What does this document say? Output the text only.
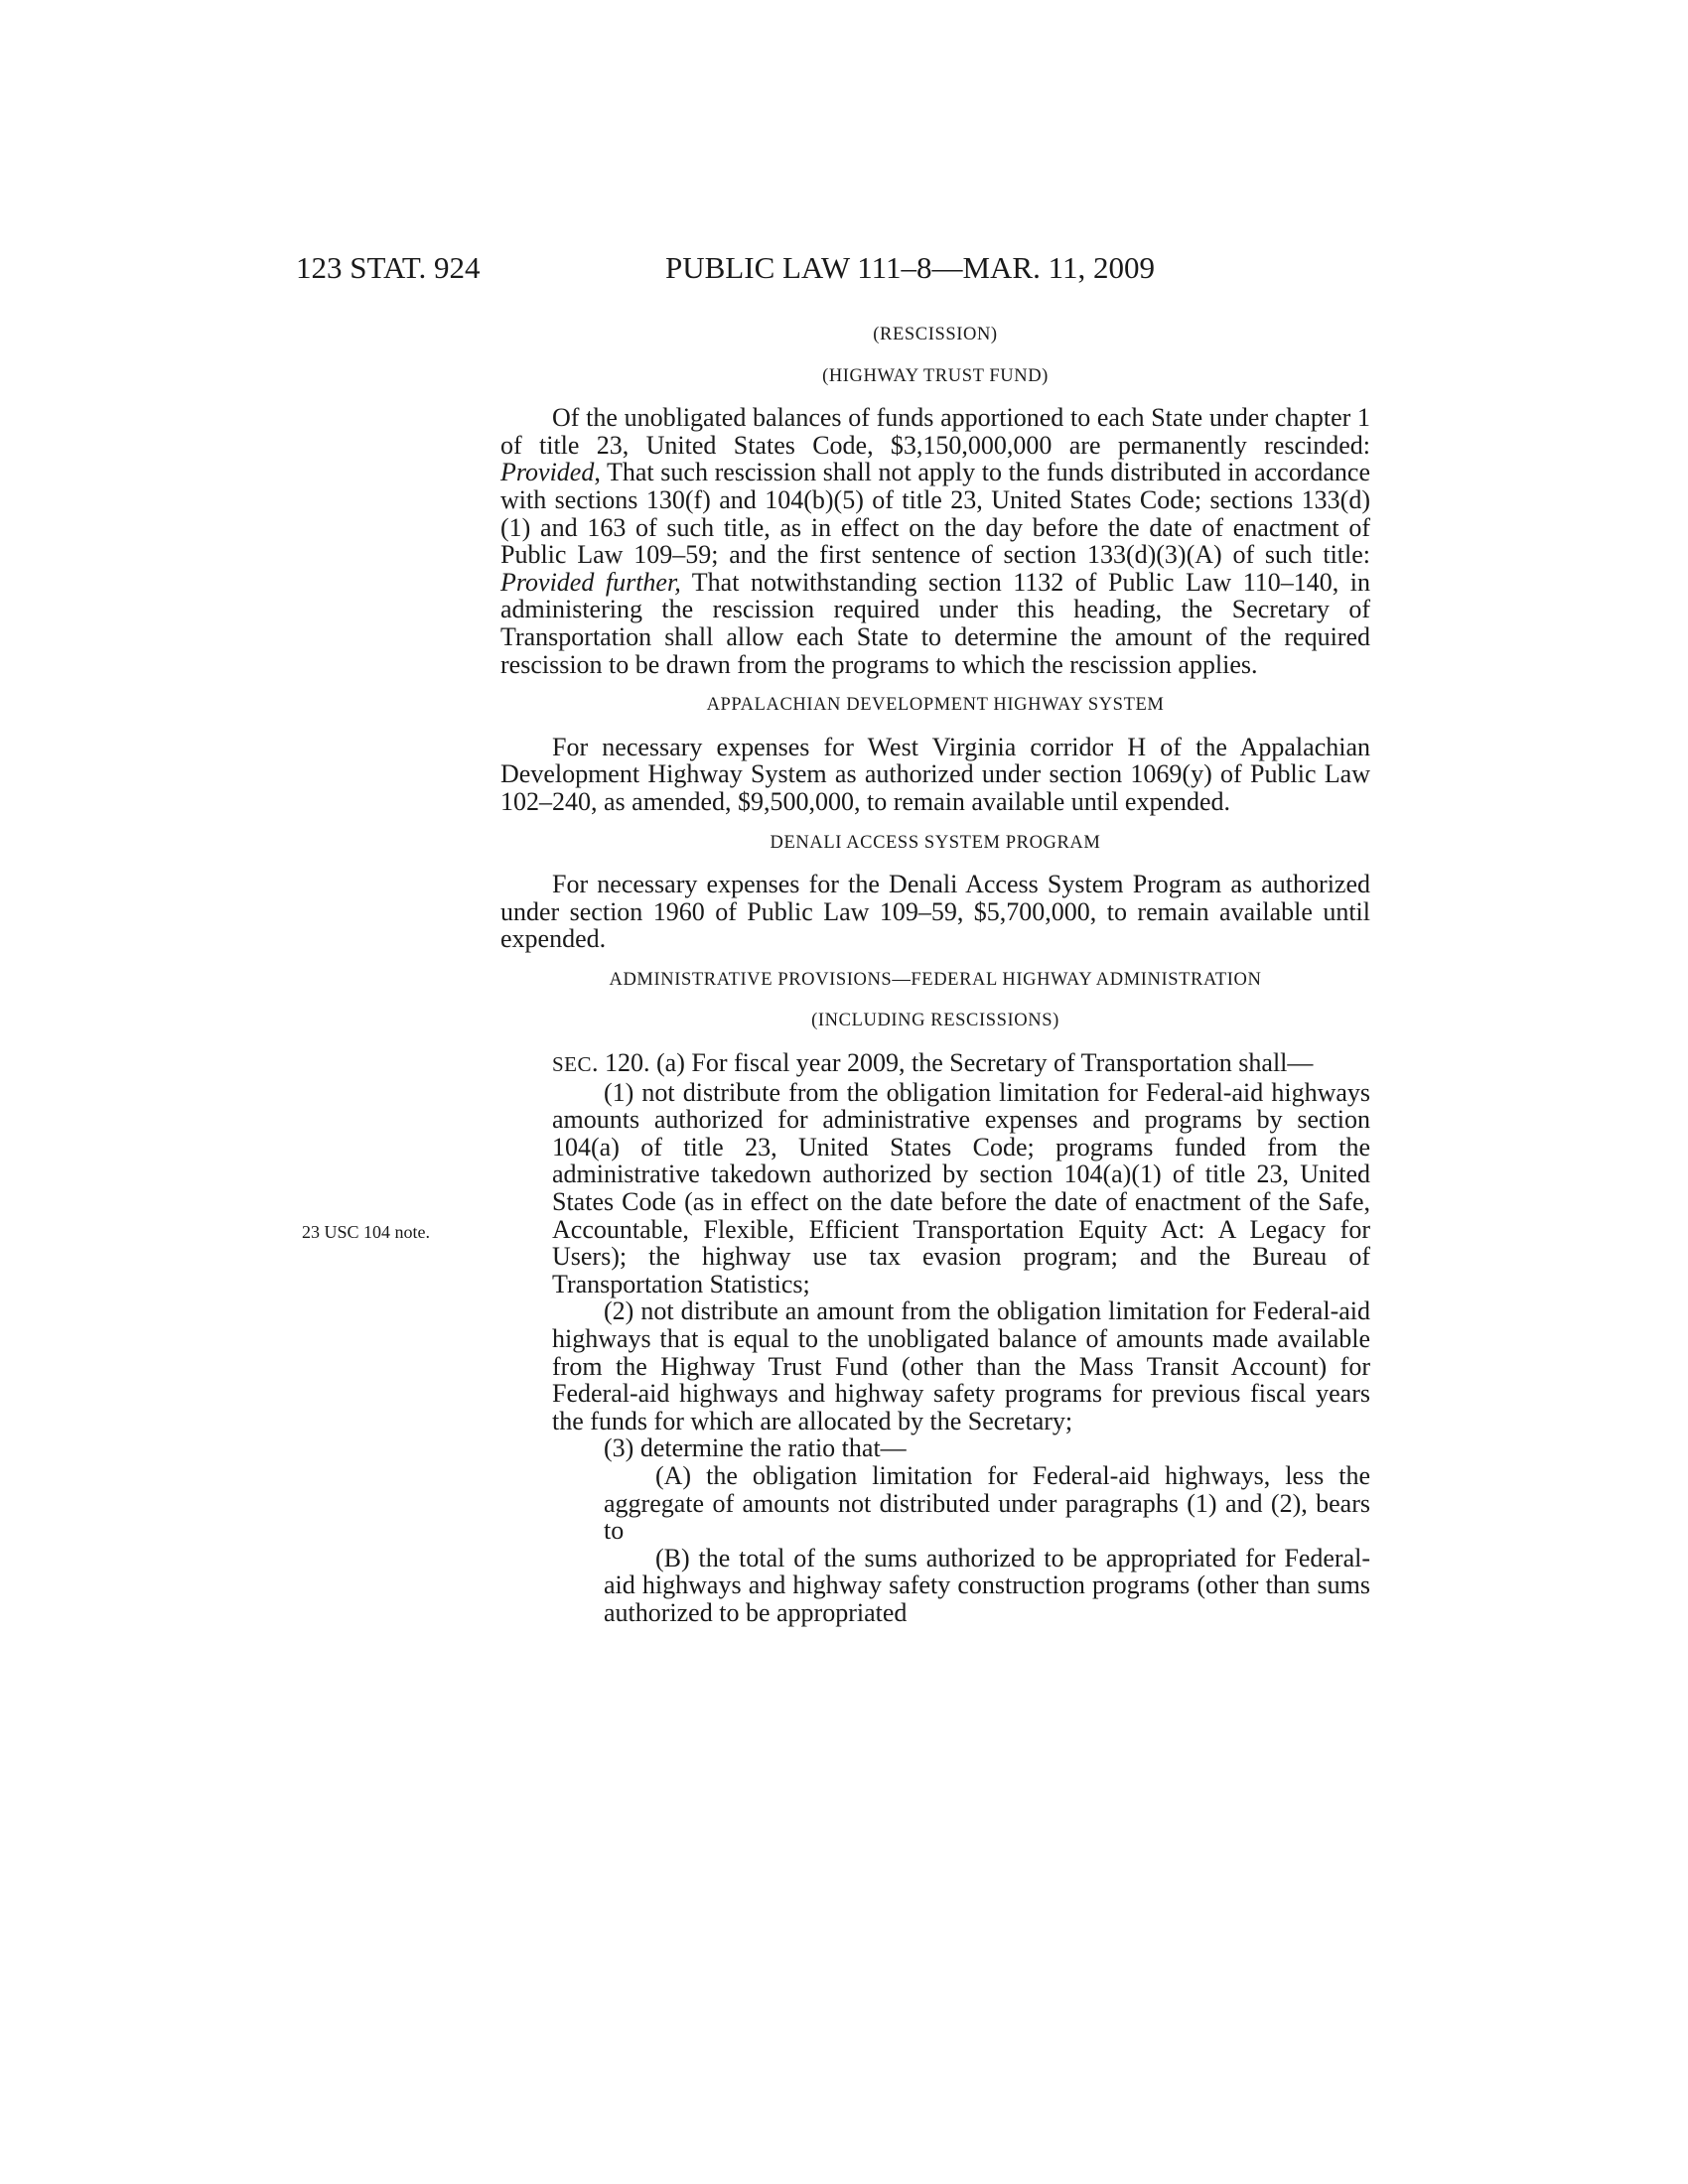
123 STAT. 924	PUBLIC LAW 111–8—MAR. 11, 2009
23 USC 104 note.

(RESCISSION)

(HIGHWAY TRUST FUND)

Of the unobligated balances of funds apportioned to each State under chapter 1 of title 23, United States Code, $3,150,000,000 are permanently rescinded: Provided, That such rescission shall not apply to the funds distributed in accordance with sections 130(f) and 104(b)(5) of title 23, United States Code; sections 133(d)(1) and 163 of such title, as in effect on the day before the date of enactment of Public Law 109–59; and the first sentence of section 133(d)(3)(A) of such title: Provided further, That notwithstanding section 1132 of Public Law 110–140, in administering the rescission required under this heading, the Secretary of Transportation shall allow each State to determine the amount of the required rescission to be drawn from the programs to which the rescission applies.

APPALACHIAN DEVELOPMENT HIGHWAY SYSTEM

For necessary expenses for West Virginia corridor H of the Appalachian Development Highway System as authorized under section 1069(y) of Public Law 102–240, as amended, $9,500,000, to remain available until expended.

DENALI ACCESS SYSTEM PROGRAM

For necessary expenses for the Denali Access System Program as authorized under section 1960 of Public Law 109–59, $5,700,000, to remain available until expended.

ADMINISTRATIVE PROVISIONS—FEDERAL HIGHWAY ADMINISTRATION

(INCLUDING RESCISSIONS)

SEC. 120. (a) For fiscal year 2009, the Secretary of Transportation shall—

(1) not distribute from the obligation limitation for Federal-aid highways amounts authorized for administrative expenses and programs by section 104(a) of title 23, United States Code; programs funded from the administrative takedown authorized by section 104(a)(1) of title 23, United States Code (as in effect on the date before the date of enactment of the Safe, Accountable, Flexible, Efficient Transportation Equity Act: A Legacy for Users); the highway use tax evasion program; and the Bureau of Transportation Statistics;

(2) not distribute an amount from the obligation limitation for Federal-aid highways that is equal to the unobligated balance of amounts made available from the Highway Trust Fund (other than the Mass Transit Account) for Federal-aid highways and highway safety programs for previous fiscal years the funds for which are allocated by the Secretary;

(3) determine the ratio that—

(A) the obligation limitation for Federal-aid highways, less the aggregate of amounts not distributed under paragraphs (1) and (2), bears to

(B) the total of the sums authorized to be appropriated for Federal-aid highways and highway safety construction programs (other than sums authorized to be appropriated
